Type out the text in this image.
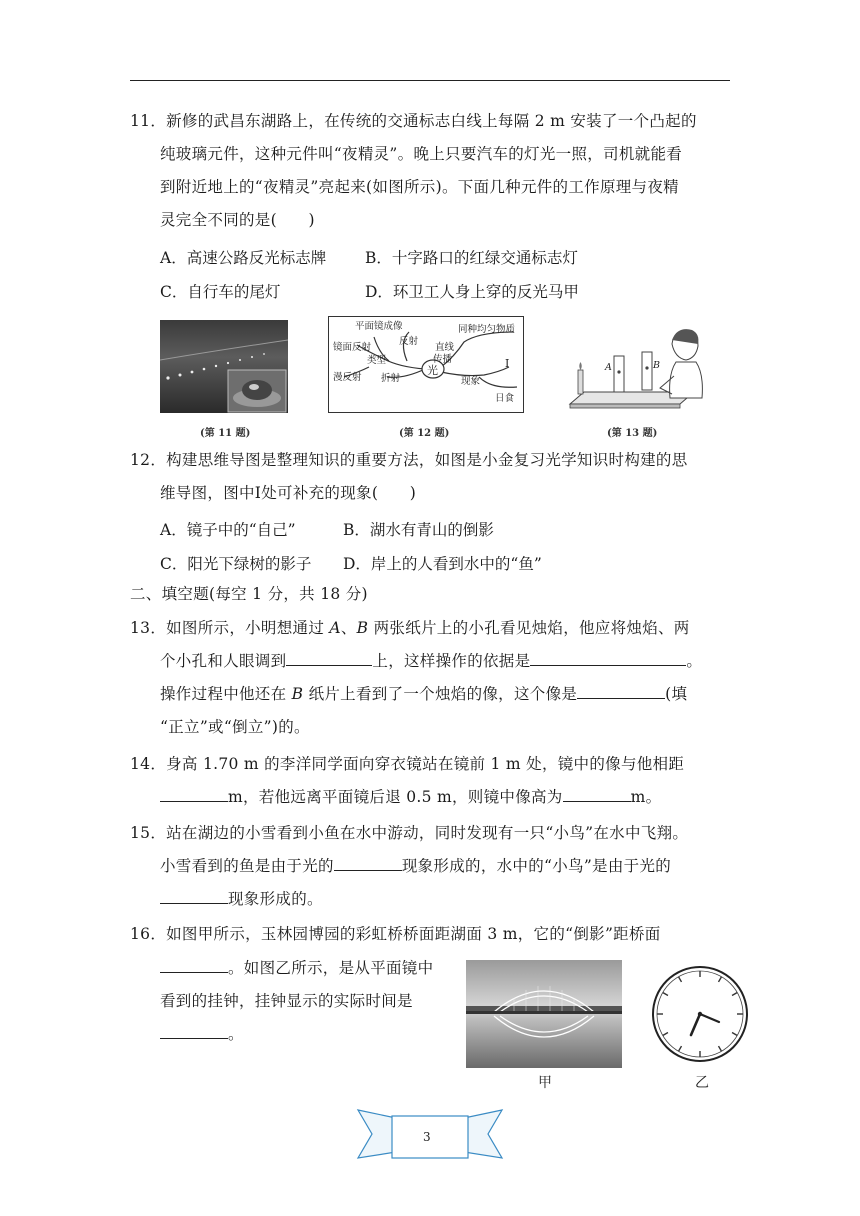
11．新修的武昌东湖路上，在传统的交通标志白线上每隔 2 m 安装了一个凸起的
纯玻璃元件，这种元件叫“夜精灵”。晚上只要汽车的灯光一照，司机就能看
到附近地上的“夜精灵”亮起来(如图所示)。下面几种元件的工作原理与夜精
灵完全不同的是(　　)
A．高速公路反光标志牌	B．十字路口的红绿交通标志灯
C．自行车的尾灯	D．环卫工人身上穿的反光马甲
(第 11 题)
平面镜成像
镜面反射
反射
类型
漫反射 折射
光
直线
传播
同种均匀物质
I
现象
日食
(第 12 题)
A	B
(第 13 题)
12．构建思维导图是整理知识的重要方法，如图是小金复习光学知识时构建的思
维导图，图中I处可补充的现象(　　)
A．镜子中的“自己”	B．湖水有青山的倒影
C．阳光下绿树的影子 D．岸上的人看到水中的“鱼”
二、填空题(每空 1 分，共 18 分)
13．如图所示，小明想通过 A、B 两张纸片上的小孔看见烛焰，他应将烛焰、两
个小孔和人眼调到	上，这样操作的依据是	。
操作过程中他还在 B 纸片上看到了一个烛焰的像，这个像是	(填
“正立”或“倒立”)的。
14．身高 1.70 m 的李洋同学面向穿衣镜站在镜前 1 m 处，镜中的像与他相距
m，若他远离平面镜后退 0.5 m，则镜中像高为	m。
15．站在湖边的小雪看到小鱼在水中游动，同时发现有一只“小鸟”在水中飞翔。
小雪看到的鱼是由于光的	现象形成的，水中的“小鸟”是由于光的
现象形成的。
16．如图甲所示，玉林园博园的彩虹桥桥面距湖面 3 m，它的“倒影”距桥面
。如图乙所示，是从平面镜中
看到的挂钟，挂钟显示的实际时间是
。
甲	乙
3
